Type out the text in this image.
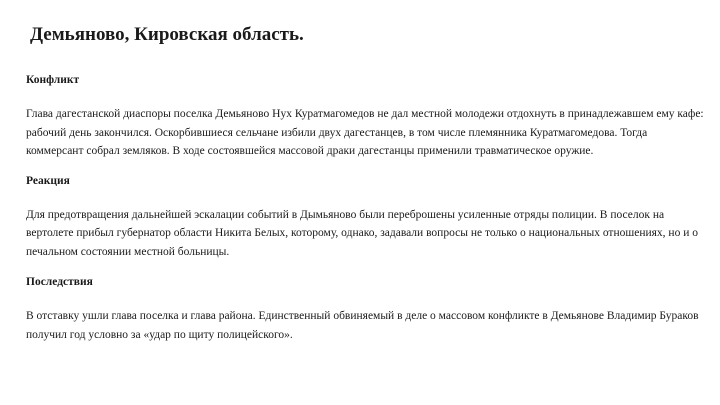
Демьяново, Кировская область.

Конфликт

Глава дагестанской диаспоры поселка Демьяново Нух Куратмагомедов не дал местной молодежи отдохнуть в принадлежавшем ему кафе: рабочий день закончился. Оскорбившиеся сельчане избили двух дагестанцев, в том числе племянника Куратмагомедова. Тогда коммерсант собрал земляков. В ходе состоявшейся массовой драки дагестанцы применили травматическое оружие.

Реакция

Для предотвращения дальнейшей эскалации событий в Дымьяново были переброшены усиленные отряды полиции. В поселок на вертолете прибыл губернатор области Никита Белых, которому, однако, задавали вопросы не только о национальных отношениях, но и о печальном состоянии местной больницы.

Последствия

В отставку ушли глава поселка и глава района. Единственный обвиняемый в деле о массовом конфликте в Демьянове Владимир Бураков получил год условно за «удар по щиту полицейского».
